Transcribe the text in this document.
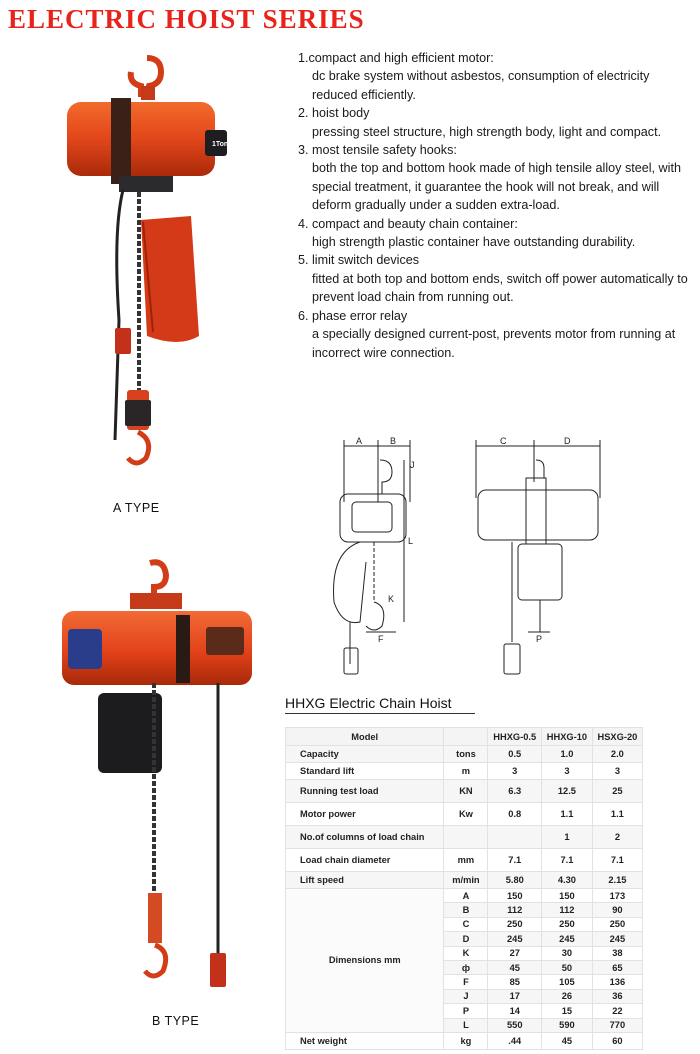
ELECTRIC HOIST SERIES
1.compact and high efficient motor:
dc brake system without asbestos, consumption of electricity reduced efficiently.
2. hoist body
pressing steel structure, high strength body, light and compact.
3. most tensile safety hooks:
both the top and bottom hook made of high tensile alloy steel, with special treatment, it guarantee the hook will not break, and will deform gradually under a sudden extra-load.
4. compact and beauty chain container:
high strength plastic container have outstanding durability.
5. limit switch devices
fitted at both top and bottom ends, switch off power automatically to prevent load chain from running out.
6. phase error relay
a specially designed current-post, prevents motor from running at incorrect wire connection.
1Ton
A TYPE
B TYPE
A	B	C	D
J
L
K
F	P
HHXG Electric Chain Hoist
Model		HHXG-0.5	HHXG-10	HSXG-20
Capacity	tons	0.5	1.0	2.0
Standard lift	m	3	3	3
Running test load	KN	6.3	12.5	25
Motor power	Kw	0.8	1.1	1.1
No.of columns of load chain			1	2
Load chain diameter	mm	7.1	7.1	7.1
Lift speed	m/min	5.80	4.30	2.15
Dimensions mm	A	150	150	173
	B	112	112	90
	C	250	250	250
	D	245	245	245
	K	27	30	38
	ф	45	50	65
	F	85	105	136
	J	17	26	36
	P	14	15	22
	L	550	590	770
Net weight	kg	.44	45	60
